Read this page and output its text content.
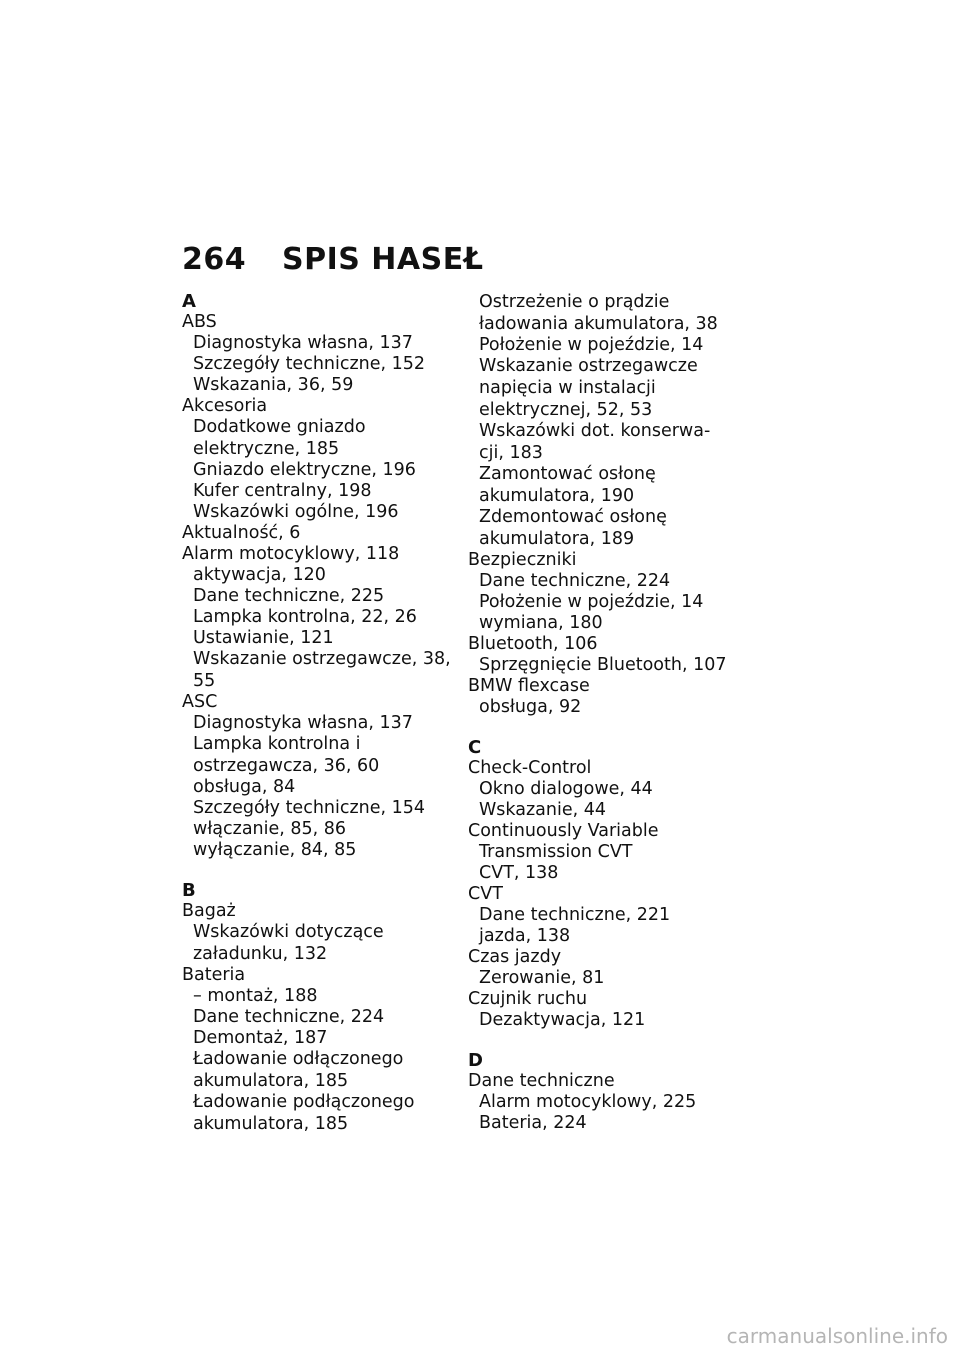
264	SPIS HASEŁ
A
ABS
Diagnostyka własna, 137
Szczegóły techniczne, 152
Wskazania, 36, 59
Akcesoria
Dodatkowe gniazdo
elektryczne, 185
Gniazdo elektryczne, 196
Kufer centralny, 198
Wskazówki ogólne, 196
Aktualność, 6
Alarm motocyklowy, 118
aktywacja, 120
Dane techniczne, 225
Lampka kontrolna, 22, 26
Ustawianie, 121
Wskazanie ostrzegawcze, 38,
55
ASC
Diagnostyka własna, 137
Lampka kontrolna i
ostrzegawcza, 36, 60
obsługa, 84
Szczegóły techniczne, 154
włączanie, 85, 86
wyłączanie, 84, 85
B
Bagaż
Wskazówki dotyczące
załadunku, 132
Bateria
– montaż, 188
Dane techniczne, 224
Demontaż, 187
Ładowanie odłączonego
akumulatora, 185
Ładowanie podłączonego
akumulatora, 185
Ostrzeżenie o prądzie
ładowania akumulatora, 38
Położenie w pojeździe, 14
Wskazanie ostrzegawcze
napięcia w instalacji
elektrycznej, 52, 53
Wskazówki dot. konserwa-
cji, 183
Zamontować osłonę
akumulatora, 190
Zdemontować osłonę
akumulatora, 189
Bezpieczniki
Dane techniczne, 224
Położenie w pojeździe, 14
wymiana, 180
Bluetooth, 106
Sprzęgnięcie Bluetooth, 107
BMW flexcase
obsługa, 92
C
Check-Control
Okno dialogowe, 44
Wskazanie, 44
Continuously Variable
Transmission CVT
CVT, 138
CVT
Dane techniczne, 221
jazda, 138
Czas jazdy
Zerowanie, 81
Czujnik ruchu
Dezaktywacja, 121
D
Dane techniczne
Alarm motocyklowy, 225
Bateria, 224
carmanualsonline.info
